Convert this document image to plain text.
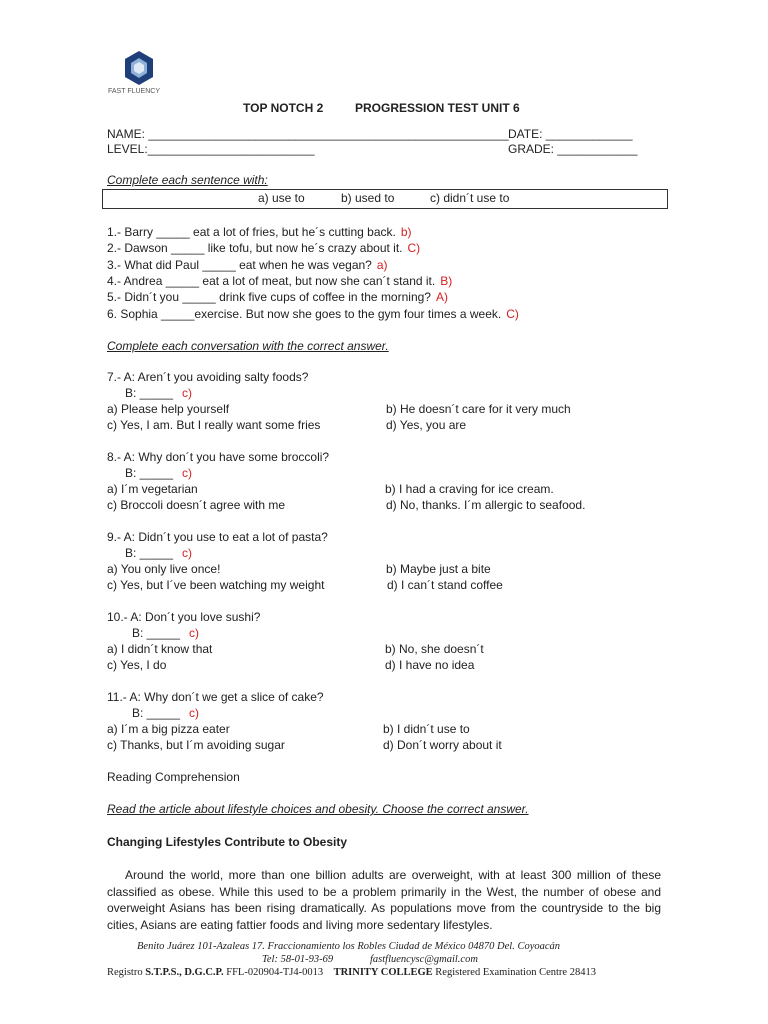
FAST FLUENCY
TOP NOTCH 2	PROGRESSION TEST UNIT 6
NAME: ______________________________________________________ DATE: _____________
LEVEL:_________________________	GRADE: ____________
Complete each sentence with:
a) use to	b) used to	c) didn´t use to
1.- Barry _____ eat a lot of fries, but he´s cutting back. b)
2.- Dawson _____ like tofu, but now he´s crazy about it. C)
3.- What did Paul _____ eat when he was vegan? a)
4.- Andrea _____ eat a lot of meat, but now she can´t stand it. B)
5.- Didn´t you _____ drink five cups of coffee in the morning? A)
6. Sophia _____exercise. But now she goes to the gym four times a week. C)
Complete each conversation with the correct answer.
7.- A: Aren´t you avoiding salty foods?
B: _____ c)
a) Please help yourself	b) He doesn´t care for it very much
c) Yes, I am. But I really want some fries	d) Yes, you are
8.- A: Why don´t you have some broccoli?
B: _____ c)
a) I´m vegetarian	b) I had a craving for ice cream.
c) Broccoli doesn´t agree with me	d) No, thanks. I´m allergic to seafood.
9.- A: Didn´t you use to eat a lot of pasta?
B: _____ c)
a) You only live once!	b) Maybe just a bite
c) Yes, but I´ve been watching my weight	d) I can´t stand coffee
10.- A: Don´t you love sushi?
B: _____ c)
a) I didn´t know that	b) No, she doesn´t
c) Yes, I do	d) I have no idea
11.- A: Why don´t we get a slice of cake?
B: _____ c)
a) I´m a big pizza eater	b) I didn´t use to
c) Thanks, but I´m avoiding sugar	d) Don´t worry about it
Reading Comprehension
Read the article about lifestyle choices and obesity. Choose the correct answer.
Changing Lifestyles Contribute to Obesity
Around the world, more than one billion adults are overweight, with at least 300 million of these classified as obese. While this used to be a problem primarily in the West, the number of obese and overweight Asians has been rising dramatically. As populations move from the countryside to the big cities, Asians are eating fattier foods and living more sedentary lifestyles.
Benito Juárez 101-Azaleas 17. Fraccionamiento los Robles Ciudad de México 04870 Del. Coyoacán
Tel: 58-01-93-69	fastfluencysc@gmail.com
Registro S.T.P.S., D.G.C.P. FFL-020904-TJ4-0013 TRINITY COLLEGE Registered Examination Centre 28413
